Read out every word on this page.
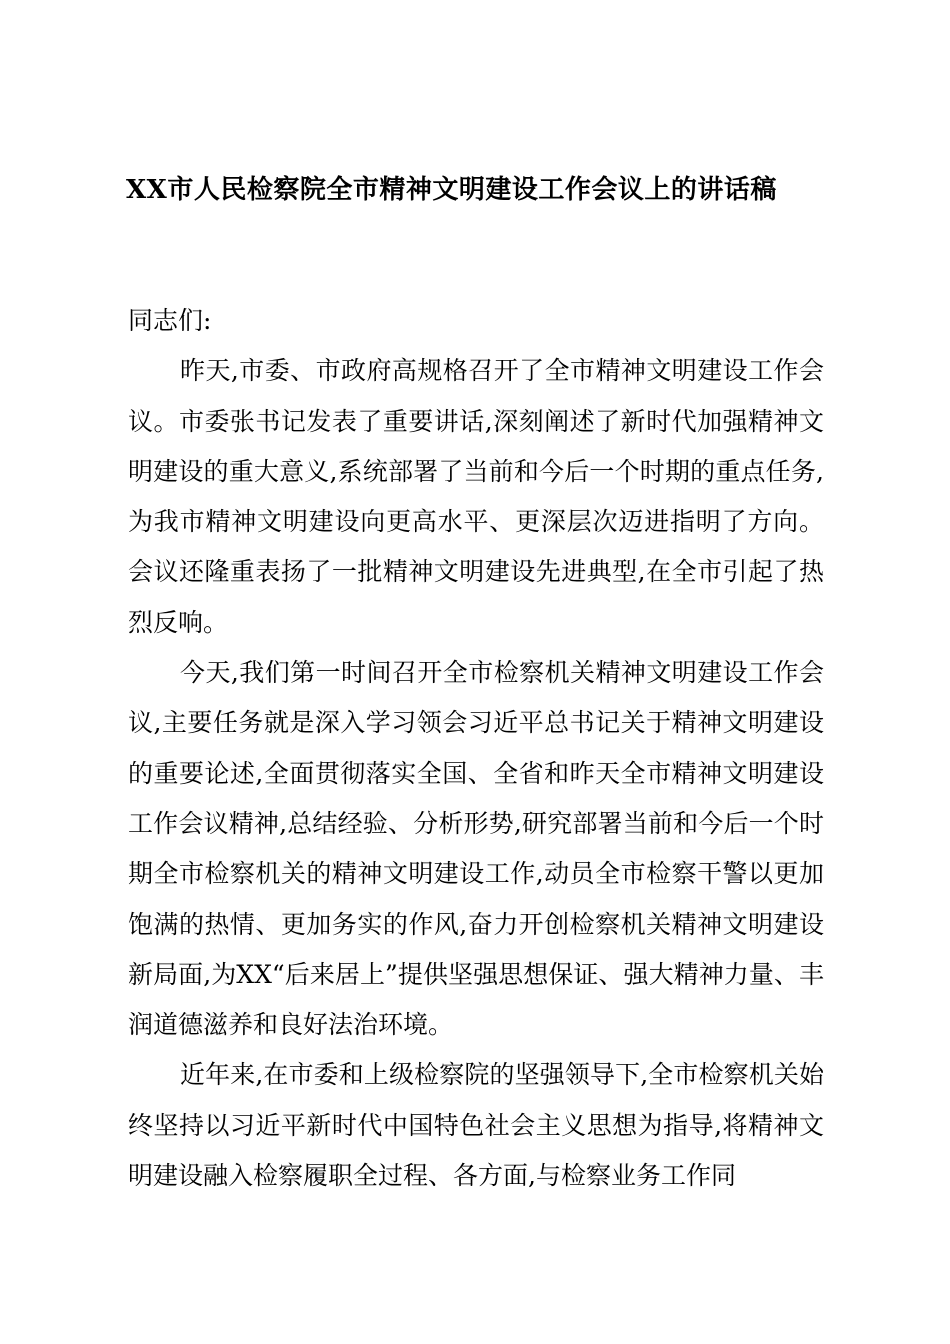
XX市人民检察院全市精神文明建设工作会议上的讲话稿

同志们:

昨天,市委、市政府高规格召开了全市精神文明建设工作会议。市委张书记发表了重要讲话,深刻阐述了新时代加强精神文明建设的重大意义,系统部署了当前和今后一个时期的重点任务,为我市精神文明建设向更高水平、更深层次迈进指明了方向。会议还隆重表扬了一批精神文明建设先进典型,在全市引起了热烈反响。

今天,我们第一时间召开全市检察机关精神文明建设工作会议,主要任务就是深入学习领会习近平总书记关于精神文明建设的重要论述,全面贯彻落实全国、全省和昨天全市精神文明建设工作会议精神,总结经验、分析形势,研究部署当前和今后一个时期全市检察机关的精神文明建设工作,动员全市检察干警以更加饱满的热情、更加务实的作风,奋力开创检察机关精神文明建设新局面,为XX“后来居上”提供坚强思想保证、强大精神力量、丰润道德滋养和良好法治环境。

近年来,在市委和上级检察院的坚强领导下,全市检察机关始终坚持以习近平新时代中国特色社会主义思想为指导,将精神文明建设融入检察履职全过程、各方面,与检察业务工作同
